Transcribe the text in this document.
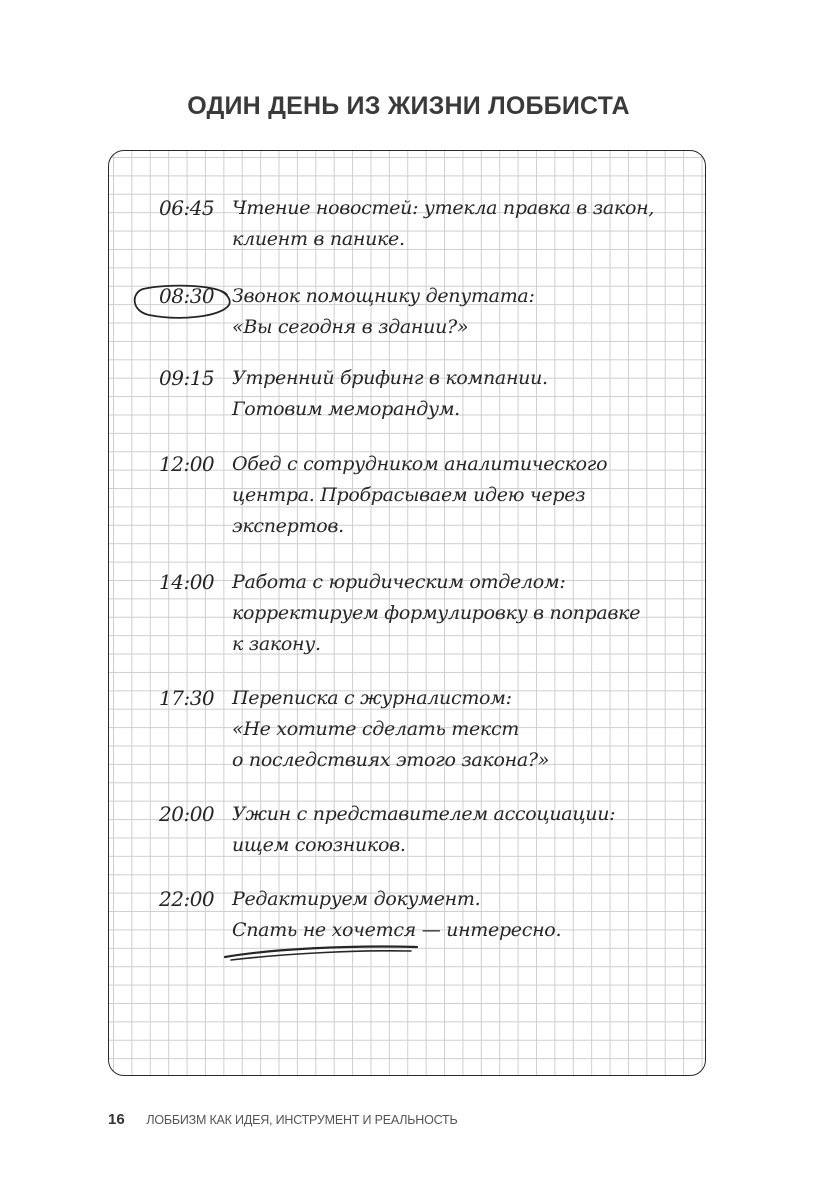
ОДИН ДЕНЬ ИЗ ЖИЗНИ ЛОББИСТА
06:45 Чтение новостей: утекла правка в закон,
клиент в панике.
08:30 Звонок помощнику депутата:
«Вы сегодня в здании?»
09:15 Утренний брифинг в компании.
Готовим меморандум.
12:00 Обед с сотрудником аналитического
центра. Пробрасываем идею через
экспертов.
14:00 Работа с юридическим отделом:
корректируем формулировку в поправке
к закону.
17:30 Переписка с журналистом:
«Не хотите сделать текст
о последствиях этого закона?»
20:00 Ужин с представителем ассоциации:
ищем союзников.
22:00 Редактируем документ.
Спать не хочется — интересно.
16 ЛОББИЗМ КАК ИДЕЯ, ИНСТРУМЕНТ И РЕАЛЬНОСТЬ
